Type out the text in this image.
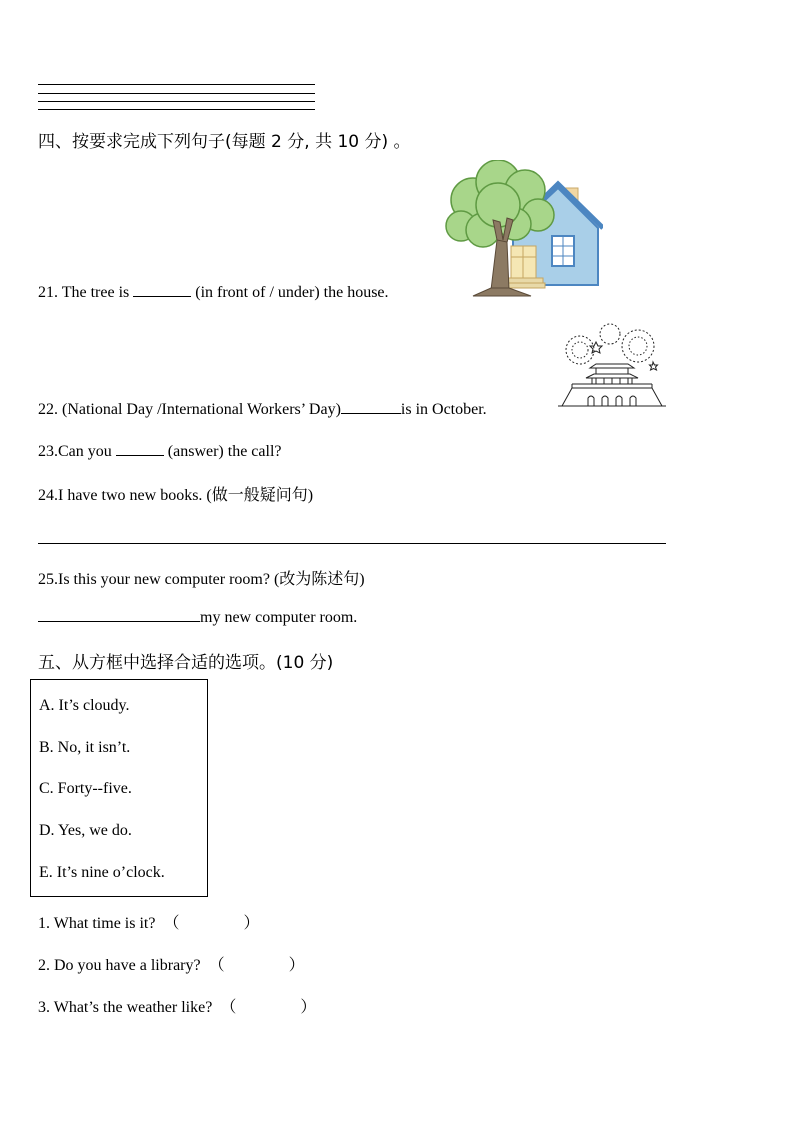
四、按要求完成下列句子(每题 2 分, 共 10 分) 。
21. The tree is	(in front of / under) the house.
22. (National Day /International Workers’ Day)	is in October.
23.Can you	(answer) the call?
24.I have two new books. (做一般疑问句)
25.Is this your new computer room? (改为陈述句)
my new computer room.
五、从方框中选择合适的选项。(10 分)
A. It’s cloudy.
B. No, it isn’t.
C. Forty--five.
D. Yes, we do.
E. It’s nine o’clock.
1. What time is it? （　　　　）
2. Do you have a library? （　　　　）
3. What’s the weather like? （　　　　）
